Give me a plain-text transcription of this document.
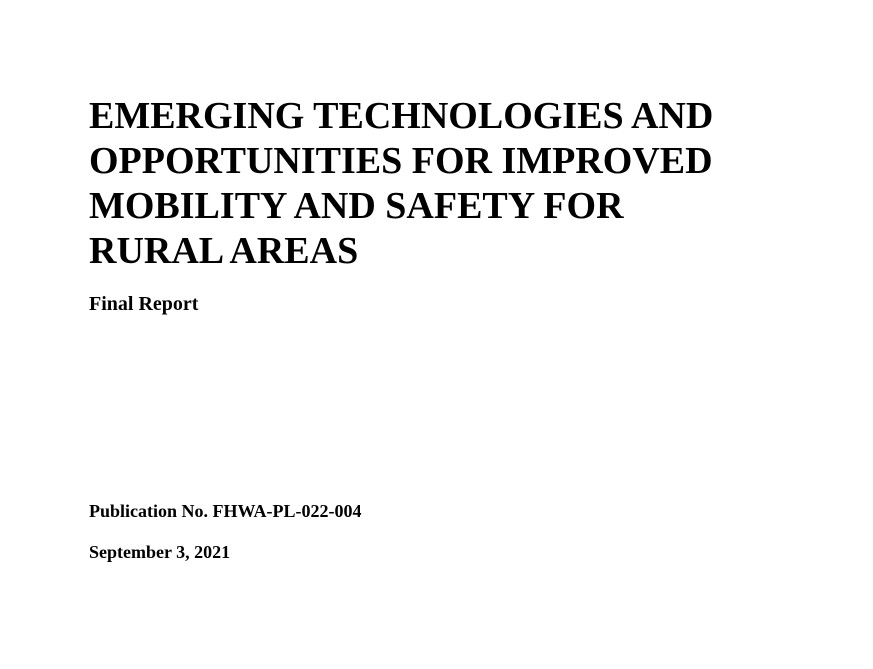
EMERGING TECHNOLOGIES AND
OPPORTUNITIES FOR IMPROVED
MOBILITY AND SAFETY FOR
RURAL AREAS

Final Report

Publication No. FHWA-PL-022-004

September 3, 2021
